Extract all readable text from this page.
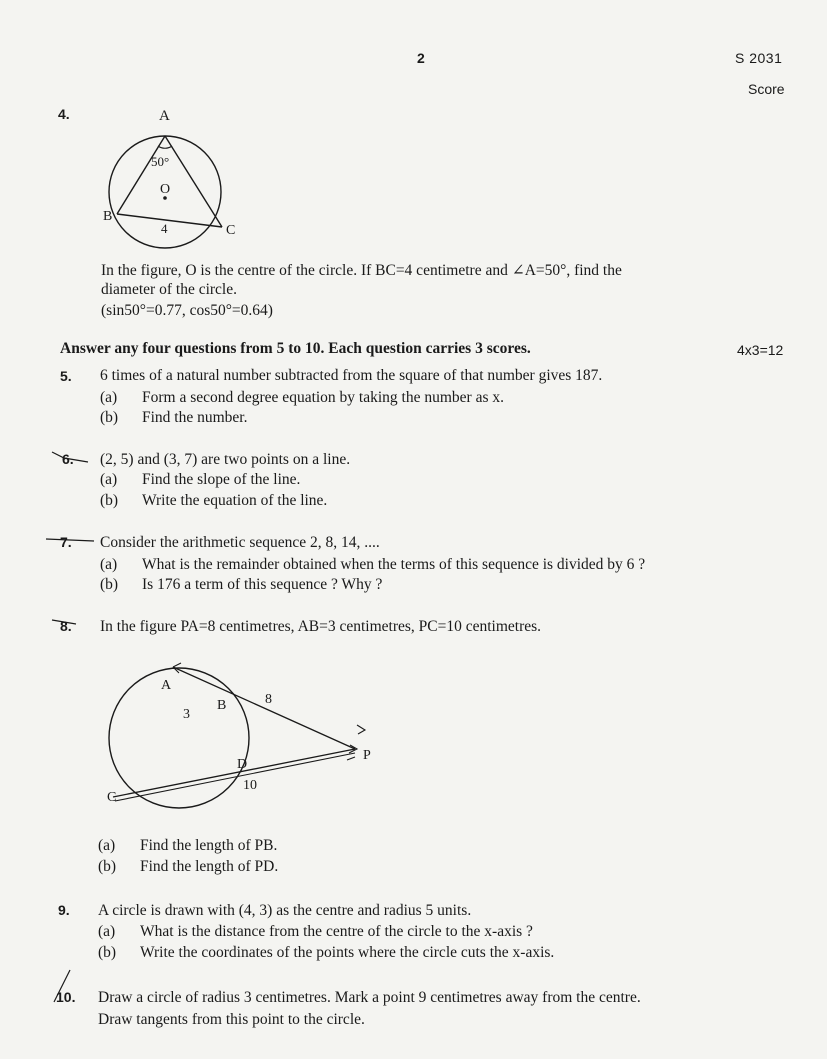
2	S 2031
Score
4.	A
B
C
O
50°
4
In the figure, O is the centre of the circle. If BC=4 centimetre and ∠A=50°, find the
diameter of the circle.
(sin50°=0.77, cos50°=0.64)
Answer any four questions from 5 to 10. Each question carries 3 scores.	4x3=12
5. 6 times of a natural number subtracted from the square of that number gives 187.
(a) Form a second degree equation by taking the number as x.
(b) Find the number.
6. (2, 5) and (3, 7) are two points on a line.
(a) Find the slope of the line.
(b) Write the equation of the line.
7. Consider the arithmetic sequence 2, 8, 14, ....
(a) What is the remainder obtained when the terms of this sequence is divided by 6 ?
(b) Is 176 a term of this sequence ? Why ?
8. In the figure PA=8 centimetres, AB=3 centimetres, PC=10 centimetres.
A
B
D
P
C
8
3
10
(a) Find the length of PB.
(b) Find the length of PD.
9. A circle is drawn with (4, 3) as the centre and radius 5 units.
(a) What is the distance from the centre of the circle to the x-axis ?
(b) Write the coordinates of the points where the circle cuts the x-axis.
10. Draw a circle of radius 3 centimetres. Mark a point 9 centimetres away from the centre.
Draw tangents from this point to the circle.
